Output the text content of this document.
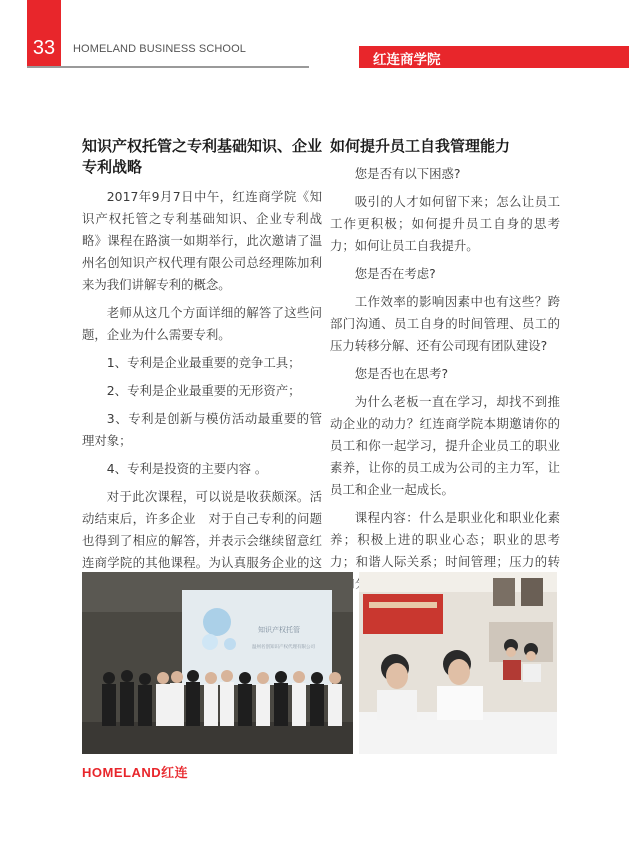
33	HOMELAND BUSINESS SCHOOL
红连商学院
知识产权托管之专利基础知识、企业专利战略

2017年9月7日中午，红连商学院《知识产权托管之专利基础知识、企业专利战略》课程在路演一如期举行，此次邀请了温州名创知识产权代理有限公司总经理陈加利来为我们讲解专利的概念。

老师从这几个方面详细的解答了这些问题，企业为什么需要专利。

1、专利是企业最重要的竞争工具；

2、专利是企业最重要的无形资产；

3、专利是创新与模仿活动最重要的管理对象；

4、专利是投资的主要内容 。

对于此次课程，可以说是收获颇深。活动结束后，许多企业　对于自己专利的问题也得到了相应的解答，并表示会继续留意红连商学院的其他课程。为认真服务企业的这

如何提升员工自我管理能力

您是否有以下困惑?

吸引的人才如何留下来；怎么让员工工作更积极；如何提升员工自身的思考力；如何让员工自我提升。

您是否在考虑?

工作效率的影响因素中也有这些？跨部门沟通、员工自身的时间管理、员工的压力转移分解、还有公司现有团队建设?

您是否也在思考?

为什么老板一直在学习，却找不到推动企业的动力？红连商学院本期邀请你的员工和你一起学习，提升企业员工的职业素养，让你的员工成为公司的主力军，让员工和企业一起成长。

课程内容：什么是职业化和职业化素养；积极上进的职业心态；职业的思考力；和谐人际关系；时间管理；压力的转

知识产权托管
温州名创知识产权代理有限公司
HOMELAND红连
